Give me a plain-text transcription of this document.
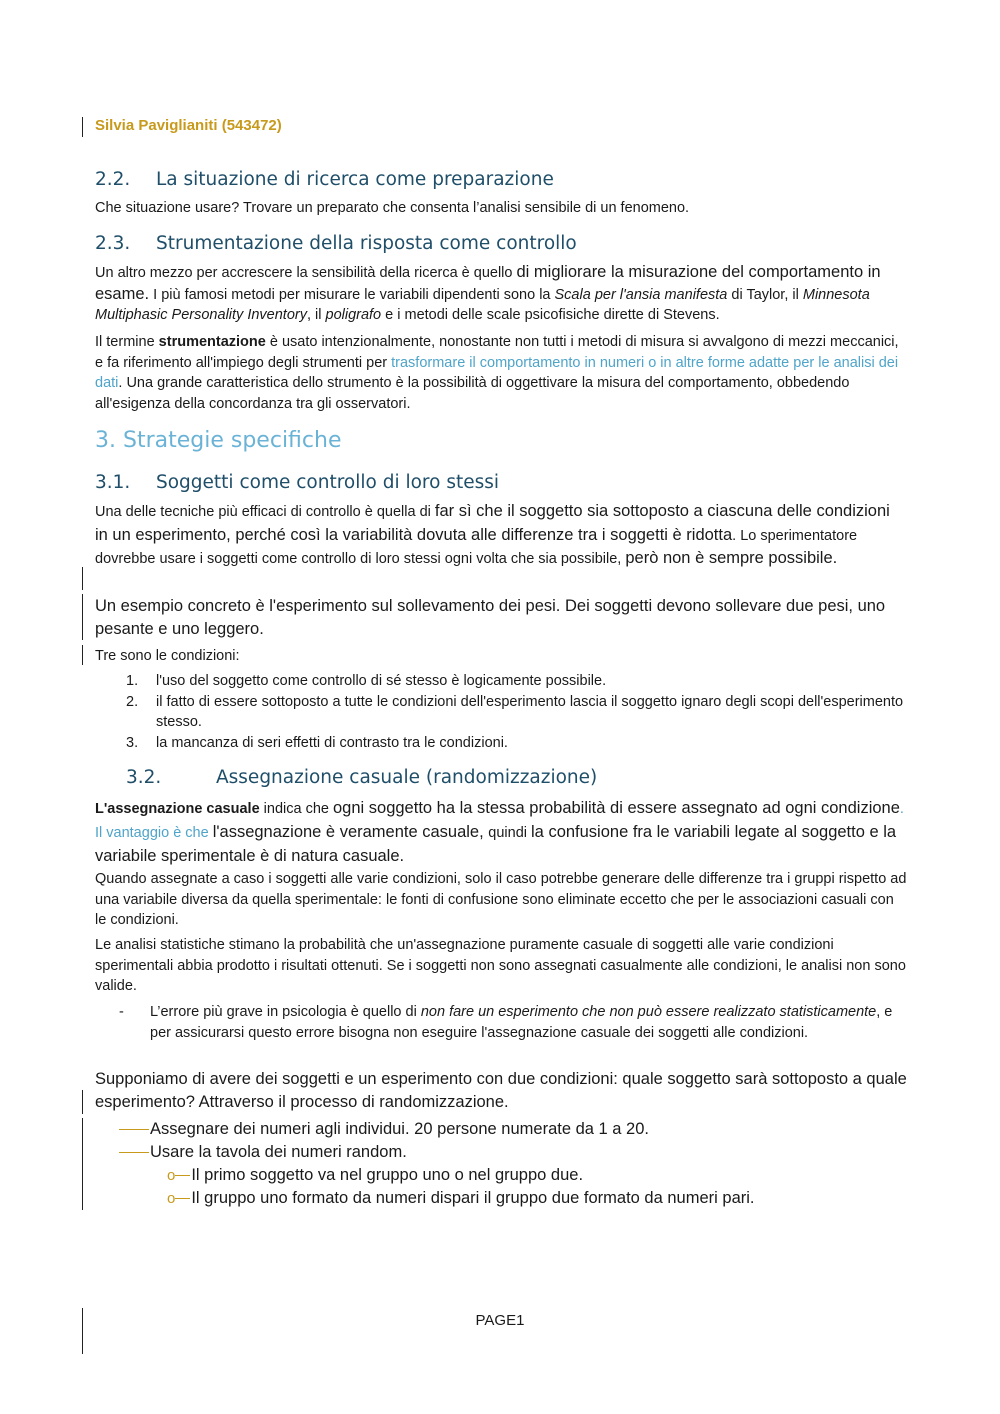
Silvia Paviglianiti (543472)
2.2. La situazione di ricerca come preparazione
Che situazione usare? Trovare un preparato che consenta l’analisi sensibile di un fenomeno.
2.3. Strumentazione della risposta come controllo
Un altro mezzo per accrescere la sensibilità della ricerca è quello di migliorare la misurazione del comportamento in esame. I più famosi metodi per misurare le variabili dipendenti sono la Scala per l'ansia manifesta di Taylor, il Minnesota Multiphasic Personality Inventory, il poligrafo e i metodi delle scale psicofisiche dirette di Stevens.
Il termine strumentazione è usato intenzionalmente, nonostante non tutti i metodi di misura si avvalgono di mezzi meccanici, e fa riferimento all'impiego degli strumenti per trasformare il comportamento in numeri o in altre forme adatte per le analisi dei dati. Una grande caratteristica dello strumento è la possibilità di oggettivare la misura del comportamento, obbedendo all'esigenza della concordanza tra gli osservatori.
3. Strategie specifiche
3.1. Soggetti come controllo di loro stessi
Una delle tecniche più efficaci di controllo è quella di far sì che il soggetto sia sottoposto a ciascuna delle condizioni in un esperimento, perché così la variabilità dovuta alle differenze tra i soggetti è ridotta. Lo sperimentatore dovrebbe usare i soggetti come controllo di loro stessi ogni volta che sia possibile, però non è sempre possibile.
Un esempio concreto è l'esperimento sul sollevamento dei pesi. Dei soggetti devono sollevare due pesi, uno pesante e uno leggero.
Tre sono le condizioni:
1. l'uso del soggetto come controllo di sé stesso è logicamente possibile.
2. il fatto di essere sottoposto a tutte le condizioni dell'esperimento lascia il soggetto ignaro degli scopi dell'esperimento stesso.
3. la mancanza di seri effetti di contrasto tra le condizioni.
3.2.	Assegnazione casuale (randomizzazione)
L'assegnazione casuale indica che ogni soggetto ha la stessa probabilità di essere assegnato ad ogni condizione. Il vantaggio è che l'assegnazione è veramente casuale, quindi la confusione fra le variabili legate al soggetto e la variabile sperimentale è di natura casuale.
Quando assegnate a caso i soggetti alle varie condizioni, solo il caso potrebbe generare delle differenze tra i gruppi rispetto ad una variabile diversa da quella sperimentale: le fonti di confusione sono eliminate eccetto che per le associazioni casuali con le condizioni.
Le analisi statistiche stimano la probabilità che un'assegnazione puramente casuale di soggetti alle varie condizioni sperimentali abbia prodotto i risultati ottenuti. Se i soggetti non sono assegnati casualmente alle condizioni, le analisi non sono valide.
-	L’errore più grave in psicologia è quello di non fare un esperimento che non può essere realizzato statisticamente, e per assicurarsi questo errore bisogna non eseguire l'assegnazione casuale dei soggetti alle condizioni.
Supponiamo di avere dei soggetti e un esperimento con due condizioni: quale soggetto sarà sottoposto a quale esperimento? Attraverso il processo di randomizzazione.
Assegnare dei numeri agli individui. 20 persone numerate da 1 a 20.
Usare la tavola dei numeri random.
o Il primo soggetto va nel gruppo uno o nel gruppo due.
o Il gruppo uno formato da numeri dispari il gruppo due formato da numeri pari.
PAGE1
